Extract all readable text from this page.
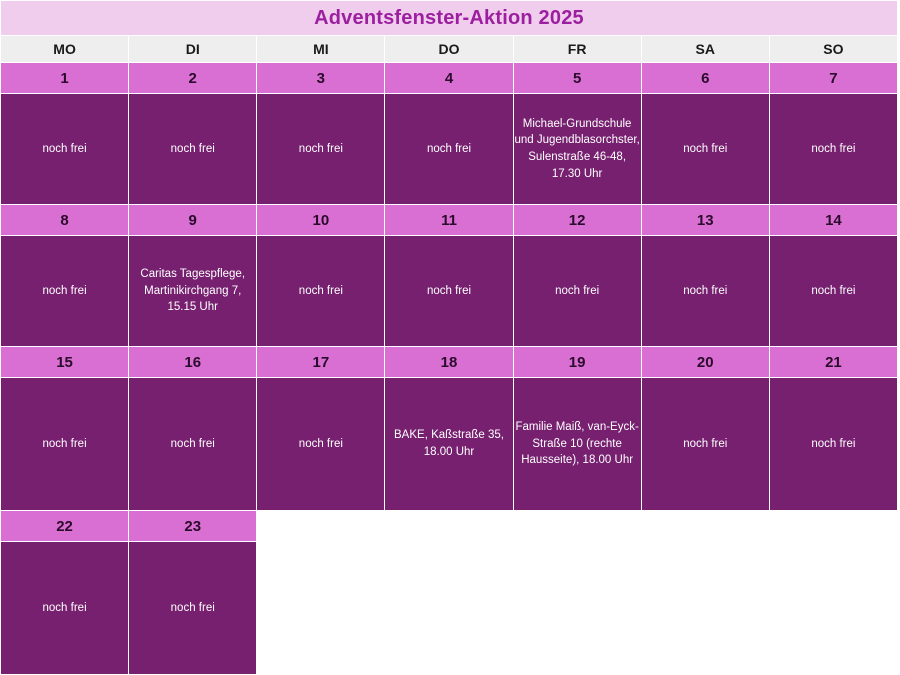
Adventsfenster-Aktion 2025						
MO	DI	MI	DO	FR	SA	SO
1	2	3	4	5	6	7
noch frei	noch frei	noch frei	noch frei	Michael-Grundschule und Jugendblasorchster, Sulenstraße 46-48, 17.30 Uhr	noch frei	noch frei
8	9	10	11	12	13	14
noch frei	Caritas Tagespflege, Martinikirchgang 7, 15.15 Uhr	noch frei	noch frei	noch frei	noch frei	noch frei
15	16	17	18	19	20	21
noch frei	noch frei	noch frei	BAKE, Kaßstraße 35, 18.00 Uhr	Familie Maiß, van-Eyck-Straße 10 (rechte Hausseite), 18.00 Uhr	noch frei	noch frei
22	23					
noch frei	noch frei					
